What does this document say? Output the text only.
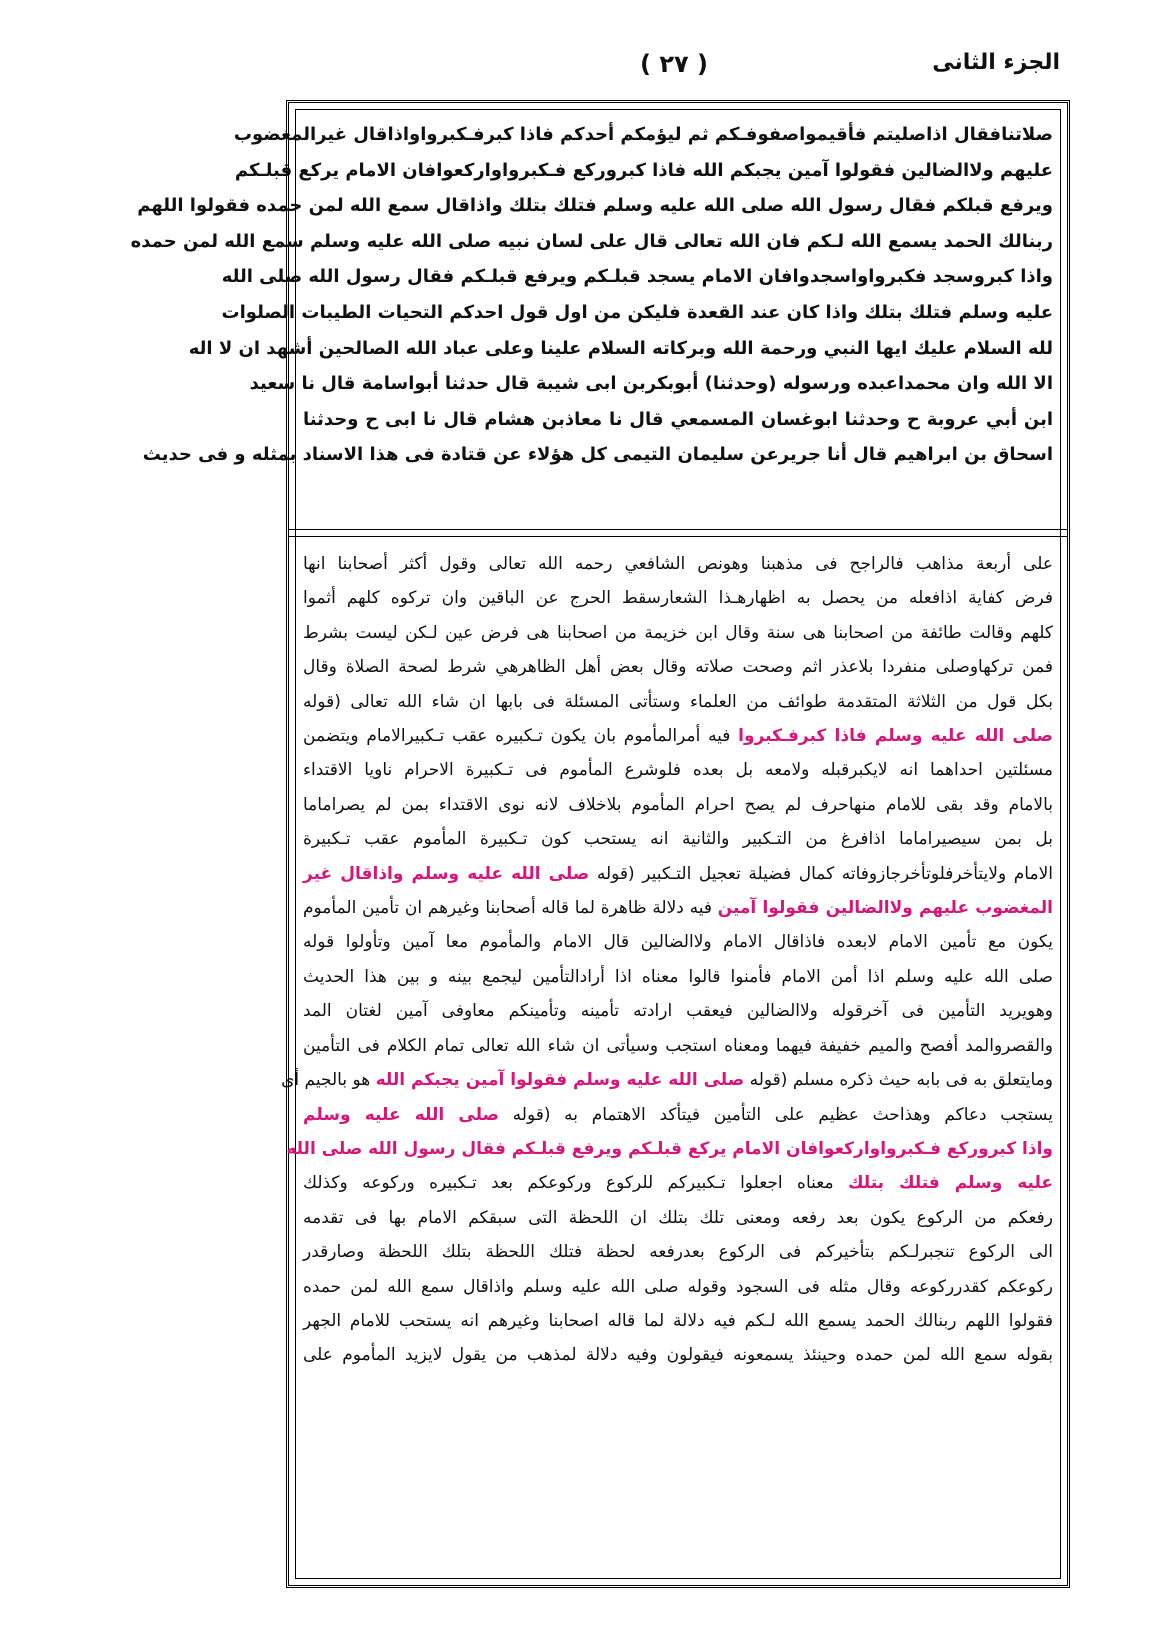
الجزء الثانى
( ٢٧ )
صلاتنافقال اذاصليتم فأقيمواصفوفـكم ثم ليؤمكم أحدكم فاذا كبرفـكبرواواذاقال غيرالمغضوب
عليهم ولاالضالين فقولوا آمين يجبكم الله فاذا كبروركع فـكبرواواركعوافان الامام يركع قبلـكم
ويرفع قبلكم فقال رسول الله صلى الله عليه وسلم فتلك بتلك واذاقال سمع الله لمن حمده فقولوا اللهم
ربنالك الحمد يسمع الله لـكم فان الله تعالى قال على لسان نبيه صلى الله عليه وسلم سمع الله لمن حمده
واذا كبروسجد فكبرواواسجدوافان الامام يسجد قبلـكم ويرفع قبلـكم فقال رسول الله صلى الله
عليه وسلم فتلك بتلك واذا كان عند القعدة فليكن من اول قول احدكم التحيات الطيبات الصلوات
لله السلام عليك ايها النبي ورحمة الله وبركاته السلام علينا وعلى عباد الله الصالحين أشهد ان لا اله
الا الله وان محمداعبده ورسوله (وحدثنا) أبوبكربن ابى شيبة قال حدثنا أبواسامة قال نا سعيد
ابن أبي عروبة ح وحدثنا ابوغسان المسمعي قال نا معاذبن هشام قال نا ابى ح وحدثنا
اسحاق بن ابراهيم قال أنا جريرعن سليمان التيمى كل هؤلاء عن قتادة فى هذا الاسناد بمثله و فى حديث
على أربعة مذاهب فالراجح فى مذهبنا وهونص الشافعي رحمه الله تعالى وقول أكثر أصحابنا انها
فرض كفاية اذافعله من يحصل به اظهارهـذا الشعارسقط الحرج عن الباقين وان تركوه كلهم أثموا
كلهم وقالت طائفة من اصحابنا هى سنة وقال ابن خزيمة من اصحابنا هى فرض عين لـكن ليست بشرط
فمن تركهاوصلى منفردا بلاعذر اثم وصحت صلاته وقال بعض أهل الظاهرهي شرط لصحة الصلاة وقال
بكل قول من الثلاثة المتقدمة طوائف من العلماء وستأتى المسئلة فى بابها ان شاء الله تعالى (قوله
صلى الله عليه وسلم فاذا كبرفـكبروا فيه أمرالمأموم بان يكون تـكبيره عقب تـكبيرالامام ويتضمن
مسئلتين احداهما انه لايكبرقبله ولامعه بل بعده فلوشرع المأموم فى تـكبيرة الاحرام ناويا الاقتداء
بالامام وقد بقى للامام منهاحرف لم يصح احرام المأموم بلاخلاف لانه نوى الاقتداء بمن لم يصراماما
بل بمن سيصيراماما اذافرغ من التـكبير والثانية انه يستحب كون تـكبيرة المأموم عقب تـكبيرة
الامام ولايتأخرفلوتأخرجازوفاته كمال فضيلة تعجيل التـكبير (قوله صلى الله عليه وسلم واذاقال غير
المغضوب عليهم ولاالضالين فقولوا آمين فيه دلالة ظاهرة لما قاله أصحابنا وغيرهم ان تأمين المأموم
يكون مع تأمين الامام لابعده فاذاقال الامام ولاالضالين قال الامام والمأموم معا آمين وتأولوا قوله
صلى الله عليه وسلم اذا أمن الامام فأمنوا قالوا معناه اذا أرادالتأمين ليجمع بينه و بين هذا الحديث
وهويريد التأمين فى آخرقوله ولاالضالين فيعقب ارادته تأمينه وتأمينكم معاوفى آمين لغتان المد
والقصروالمد أفصح والميم خفيفة فيهما ومعناه استجب وسيأتى ان شاء الله تعالى تمام الكلام فى التأمين
ومايتعلق به فى بابه حيث ذكره مسلم (قوله صلى الله عليه وسلم فقولوا آمين يجبكم الله هو بالجيم أى
يستجب دعاكم وهذاحث عظيم على التأمين فيتأكد الاهتمام به (قوله صلى الله عليه وسلم
واذا كبروركع فـكبرواواركعوافان الامام يركع قبلـكم ويرفع قبلـكم فقال رسول الله صلى الله
عليه وسلم فتلك بتلك معناه اجعلوا تـكبيركم للركوع وركوعكم بعد تـكبيره وركوعه وكذلك
رفعكم من الركوع يكون بعد رفعه ومعنى تلك بتلك ان اللحظة التى سبقكم الامام بها فى تقدمه
الى الركوع تنجبرلـكم بتأخيركم فى الركوع بعدرفعه لحظة فتلك اللحظة بتلك اللحظة وصارقدر
ركوعكم كقدرركوعه وقال مثله فى السجود وقوله صلى الله عليه وسلم واذاقال سمع الله لمن حمده
فقولوا اللهم ربنالك الحمد يسمع الله لـكم فيه دلالة لما قاله اصحابنا وغيرهم انه يستحب للامام الجهر
بقوله سمع الله لمن حمده وحينئذ يسمعونه فيقولون وفيه دلالة لمذهب من يقول لايزيد المأموم على
